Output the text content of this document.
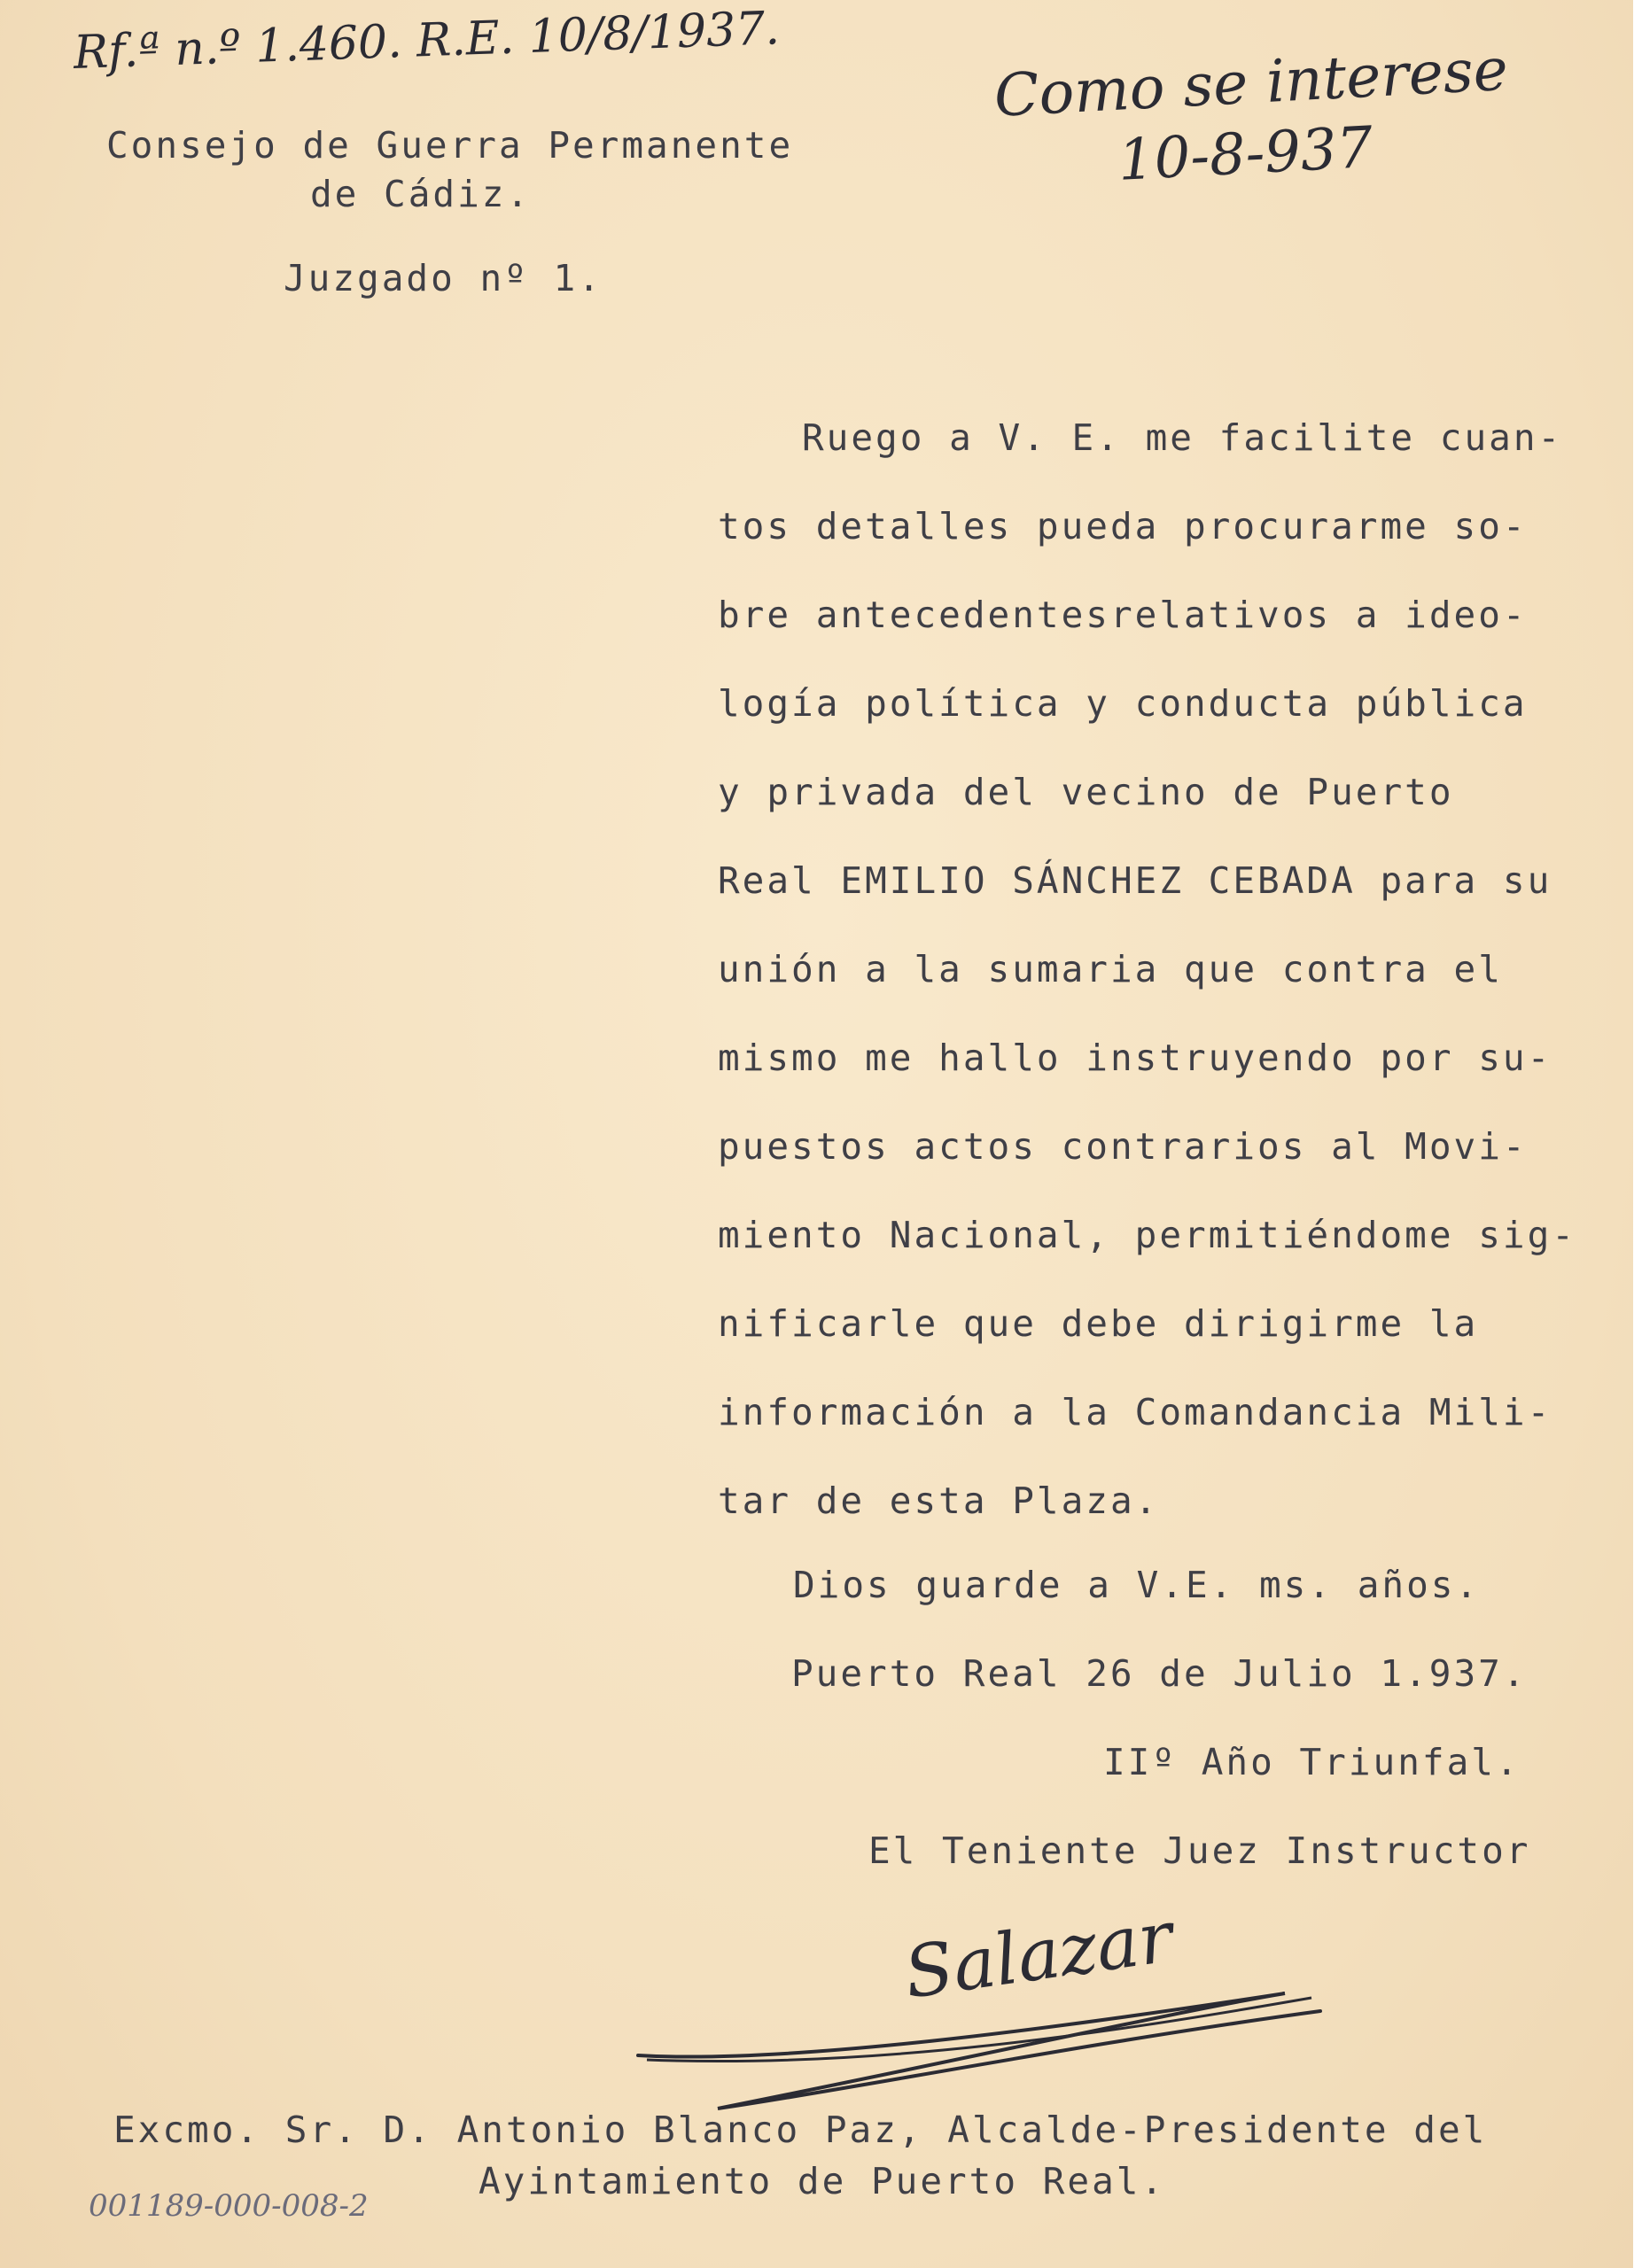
Rf.ª n.º 1.460. R.E. 10/8/1937.	Como se interese

10-8-937

Consejo de Guerra Permanente

de Cádiz.

Juzgado nº 1.

Ruego a V. E. me facilite cuan-
tos detalles pueda procurarme so-
bre antecedentesrelativos a ideo-
logía política y conducta pública
y privada del vecino de Puerto
Real EMILIO SÁNCHEZ CEBADA para su
unión a la sumaria que contra el
mismo me hallo instruyendo por su-
puestos actos contrarios al Movi-
miento Nacional, permitiéndome sig-
nificarle que debe dirigirme la
información a la Comandancia Mili-
tar de esta Plaza.

Dios guarde a V.E. ms. años.

Puerto Real 26 de Julio 1.937.

IIº Año Triunfal.

El Teniente Juez Instructor

Salazar

Excmo. Sr. D. Antonio Blanco Paz, Alcalde-Presidente del

Ayintamiento de Puerto Real.

001189-000-008-2
